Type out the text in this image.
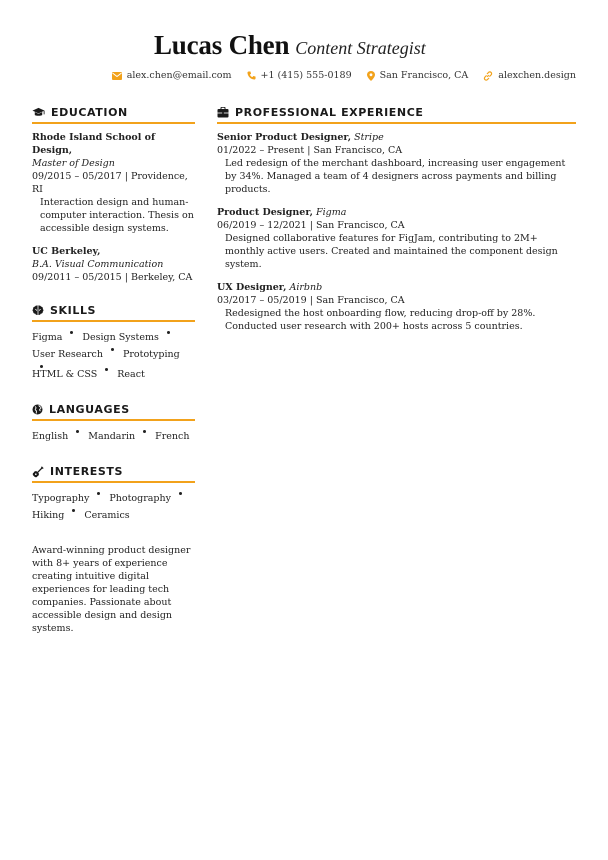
Lucas Chen Content Strategist
alex.chen@email.com	+1 (415) 555-0189	San Francisco, CA	alexchen.design
EDUCATION
Rhode Island School of Design,
Master of Design
09/2015 – 05/2017 | Providence, RI
Interaction design and human-computer interaction. Thesis on accessible design systems.
UC Berkeley,
B.A. Visual Communication
09/2011 – 05/2015 | Berkeley, CA
SKILLS
Figma Design Systems
User Research Prototyping
HTML & CSS React
LANGUAGES
English Mandarin French
INTERESTS
Typography Photography
Hiking Ceramics
Award-winning product designer with 8+ years of experience creating intuitive digital experiences for leading tech companies. Passionate about accessible design and design systems.
PROFESSIONAL EXPERIENCE
Senior Product Designer, Stripe
01/2022 – Present | San Francisco, CA
Led redesign of the merchant dashboard, increasing user engagement by 34%. Managed a team of 4 designers across payments and billing products.
Product Designer, Figma
06/2019 – 12/2021 | San Francisco, CA
Designed collaborative features for FigJam, contributing to 2M+ monthly active users. Created and maintained the component design system.
UX Designer, Airbnb
03/2017 – 05/2019 | San Francisco, CA
Redesigned the host onboarding flow, reducing drop-off by 28%. Conducted user research with 200+ hosts across 5 countries.
